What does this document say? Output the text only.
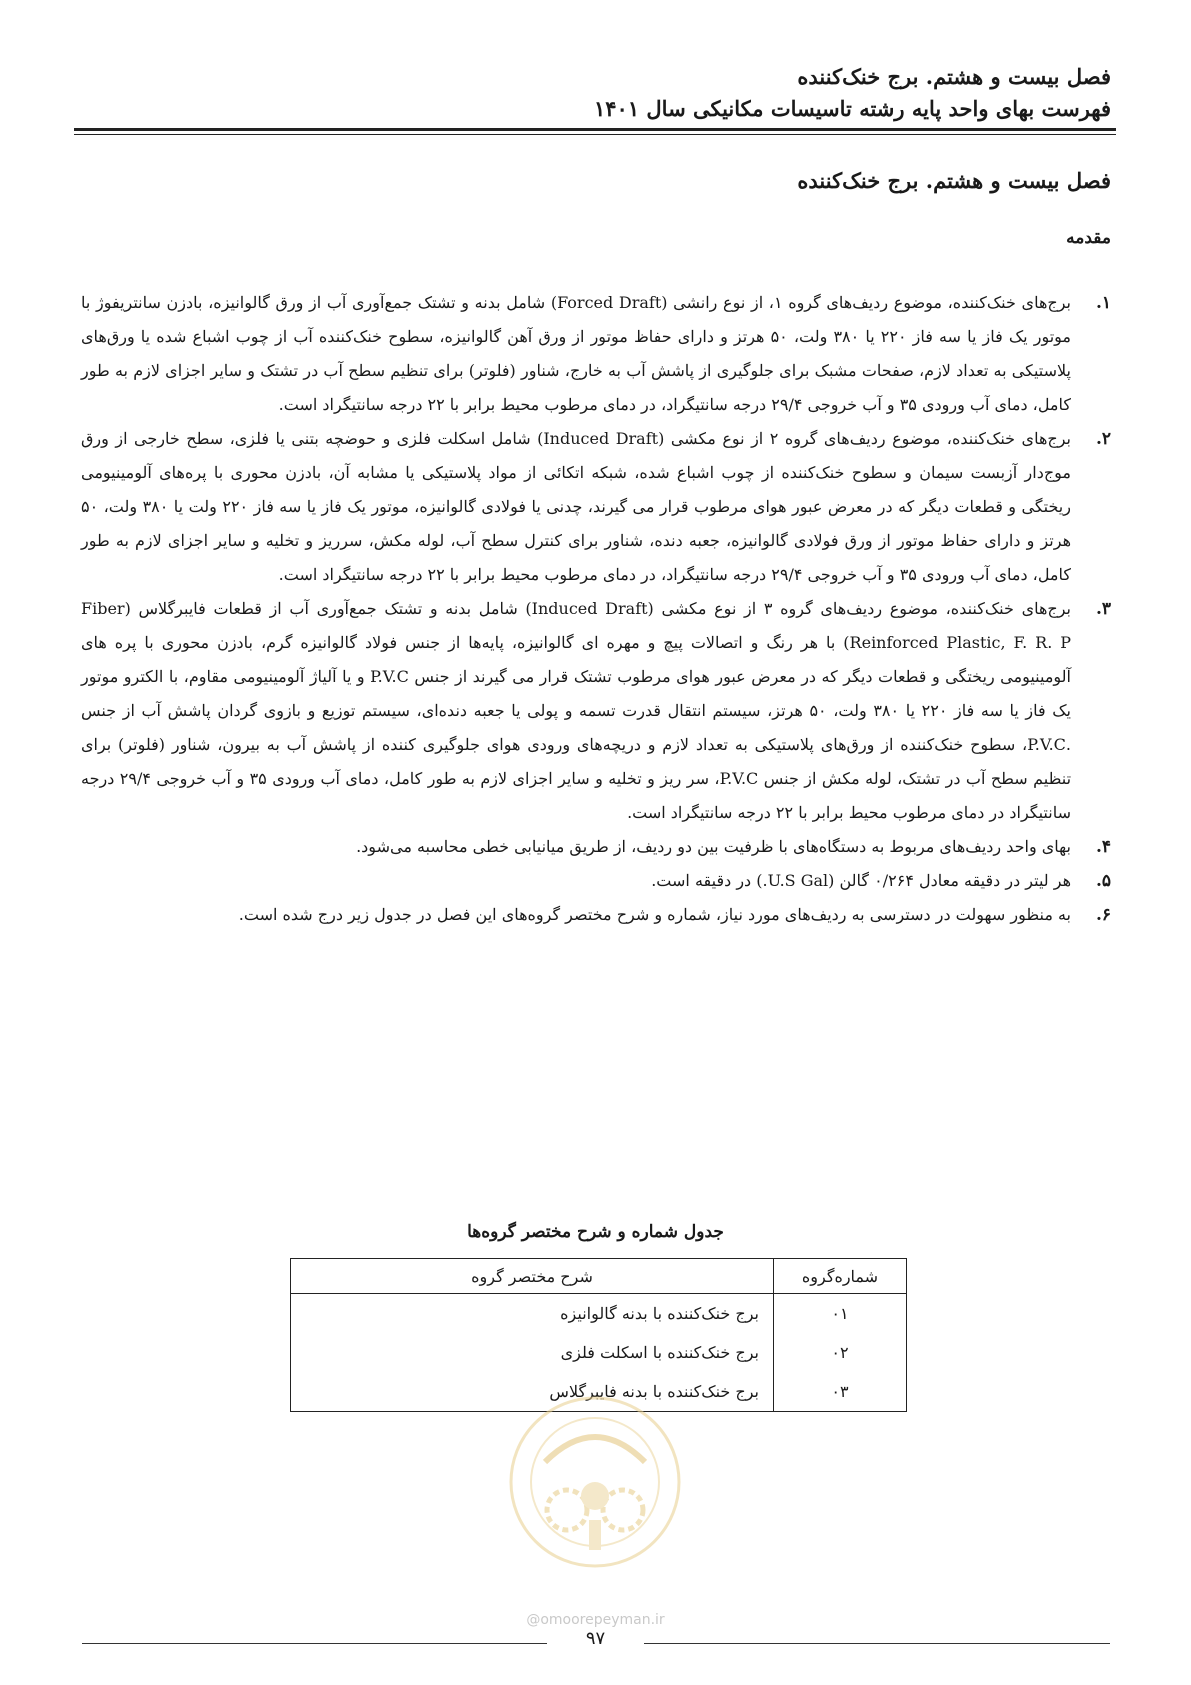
فصل بیست و هشتم. برج خنک‌کننده
فهرست بهای واحد پایه رشته تاسیسات مکانیکی سال ۱۴۰۱
فصل بیست و هشتم. برج خنک‌کننده
مقدمه
۱.
برج‌های خنک‌کننده، موضوع ردیف‌های گروه ۱، از نوع رانشی (Forced Draft) شامل بدنه و تشتک جمع‌آوری آب از ورق گالوانیزه، بادزن سانتریفوژ با موتور یک فاز یا سه فاز ۲۲۰ یا ۳۸۰ ولت، ۵۰ هرتز و دارای حفاظ موتور از ورق آهن گالوانیزه، سطوح خنک‌کننده آب از چوب اشباع شده یا ورق‌های پلاستیکی به تعداد لازم، صفحات مشبک برای جلوگیری از پاشش آب به خارج، شناور (فلوتر) برای تنظیم سطح آب در تشتک و سایر اجزای لازم به طور کامل، دمای آب ورودی ۳۵ و آب خروجی ۲۹/۴ درجه سانتیگراد، در دمای مرطوب محیط برابر با ۲۲ درجه سانتیگراد است.
۲.
برج‌های خنک‌کننده، موضوع ردیف‌های گروه ۲ از نوع مکشی (Induced Draft) شامل اسکلت فلزی و حوضچه بتنی یا فلزی، سطح خارجی از ورق موج‌دار آزبست سیمان و سطوح خنک‌کننده از چوب اشباع شده، شبکه اتکائی از مواد پلاستیکی یا مشابه آن، بادزن محوری با پره‌های آلومینیومی ریختگی و قطعات دیگر که در معرض عبور هوای مرطوب قرار می گیرند، چدنی یا فولادی گالوانیزه، موتور یک فاز یا سه فاز ۲۲۰ ولت یا ۳۸۰ ولت، ۵۰ هرتز و دارای حفاظ موتور از ورق فولادی گالوانیزه، جعبه دنده، شناور برای کنترل سطح آب، لوله مکش، سرریز و تخلیه و سایر اجزای لازم به طور کامل، دمای آب ورودی ۳۵ و آب خروجی ۲۹/۴ درجه سانتیگراد، در دمای مرطوب محیط برابر با ۲۲ درجه سانتیگراد است.
۳.
برج‌های خنک‌کننده، موضوع ردیف‌های گروه ۳ از نوع مکشی (Induced Draft) شامل بدنه و تشتک جمع‌آوری آب از قطعات فایبرگلاس (Fiber Reinforced Plastic, F. R. P) با هر رنگ و اتصالات پیچ و مهره ای گالوانیزه، پایه‌ها از جنس فولاد گالوانیزه گرم، بادزن محوری با پره های آلومینیومی ریختگی و قطعات دیگر که در معرض عبور هوای مرطوب تشتک قرار می گیرند از جنس P.V.C و یا آلیاژ آلومینیومی مقاوم، با الکترو موتور یک فاز یا سه فاز ۲۲۰ یا ۳۸۰ ولت، ۵۰ هرتز، سیستم انتقال قدرت تسمه و پولی یا جعبه دنده‌ای، سیستم توزیع و بازوی گردان پاشش آب از جنس .P.V.C، سطوح خنک‌کننده از ورق‌های پلاستیکی به تعداد لازم و دریچه‌های ورودی هوای جلوگیری کننده از پاشش آب به بیرون، شناور (فلوتر) برای تنظیم سطح آب در تشتک، لوله مکش از جنس P.V.C، سر ریز و تخلیه و سایر اجزای لازم به طور کامل، دمای آب ورودی ۳۵ و آب خروجی ۲۹/۴ درجه سانتیگراد در دمای مرطوب محیط برابر با ۲۲ درجه سانتیگراد است.
۴.
بهای واحد ردیف‌های مربوط به دستگاه‌های با ظرفیت بین دو ردیف، از طریق میانیابی خطی محاسبه می‌شود.
۵.
هر لیتر در دقیقه معادل ۰/۲۶۴ گالن (U.S Gal.) در دقیقه است.
۶.
به منظور سهولت در دسترسی به ردیف‌های مورد نیاز، شماره و شرح مختصر گروه‌های این فصل در جدول زیر درج شده است.
جدول شماره و شرح مختصر گروه‌ها
شماره‌گروه	شرح مختصر گروه
۰۱	برج خنک‌کننده با بدنه گالوانیزه
۰۲	برج خنک‌کننده با اسکلت فلزی
۰۳	برج خنک‌کننده با بدنه فایبرگلاس
@omoorepeyman.ir
۹۷
